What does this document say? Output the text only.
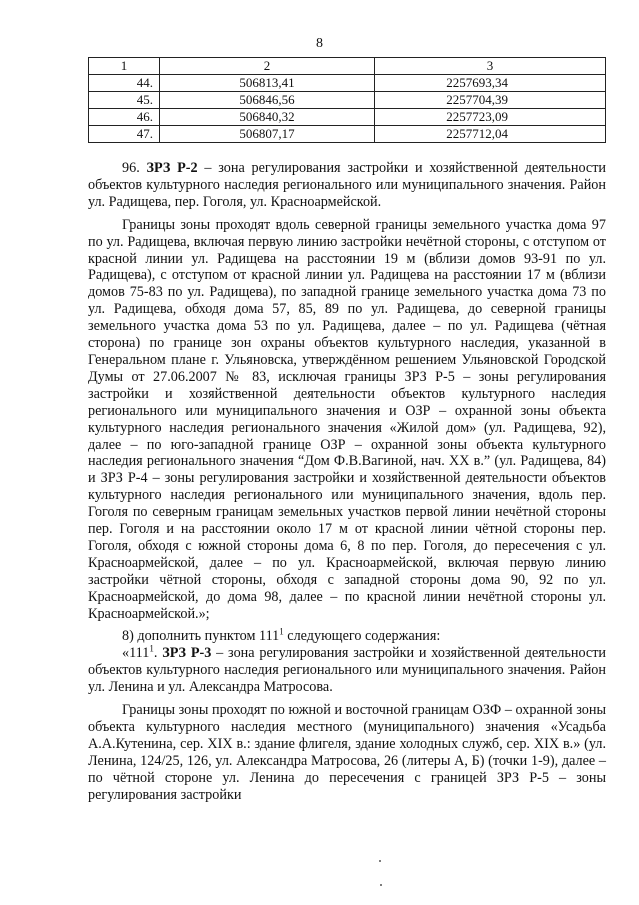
8
1	2	3
44.	506813,41	2257693,34
45.	506846,56	2257704,39
46.	506840,32	2257723,09
47.	506807,17	2257712,04

96. ЗРЗ Р-2 – зона регулирования застройки и хозяйственной деятельности объектов культурного наследия регионального или муниципального значения. Район ул. Радищева, пер. Гоголя, ул. Красноармейской.

Границы зоны проходят вдоль северной границы земельного участка дома 97 по ул. Радищева, включая первую линию застройки нечётной стороны, с отступом от красной линии ул. Радищева на расстоянии 19 м (вблизи домов 93-91 по ул. Радищева), с отступом от красной линии ул. Радищева на расстоянии 17 м (вблизи домов 75-83 по ул. Радищева), по западной границе земельного участка дома 73 по ул. Радищева, обходя дома 57, 85, 89 по ул. Радищева, до северной границы земельного участка дома 53 по ул. Радищева, далее – по ул. Радищева (чётная сторона) по границе зон охраны объектов культурного наследия, указанной в Генеральном плане г. Ульяновска, утверждённом решением Ульяновской Городской Думы от 27.06.2007 № 83, исключая границы ЗРЗ Р-5 – зоны регулирования застройки и хозяйственной деятельности объектов культурного наследия регионального или муниципального значения и ОЗР – охранной зоны объекта культурного наследия регионального значения «Жилой дом» (ул. Радищева, 92), далее – по юго-западной границе ОЗР – охранной зоны объекта культурного наследия регионального значения “Дом Ф.В.Вагиной, нач. XX в.” (ул. Радищева, 84) и ЗРЗ Р-4 – зоны регулирования застройки и хозяйственной деятельности объектов культурного наследия регионального или муниципального значения, вдоль пер. Гоголя по северным границам земельных участков первой линии нечётной стороны пер. Гоголя и на расстоянии около 17 м от красной линии чётной стороны пер. Гоголя, обходя с южной стороны дома 6, 8 по пер. Гоголя, до пересечения с ул. Красноармейской, далее – по ул. Красноармейской, включая первую линию застройки чётной стороны, обходя с западной стороны дома 90, 92 по ул. Красноармейской, до дома 98, далее – по красной линии нечётной стороны ул. Красноармейской.»;

8) дополнить пунктом $111^1$ следующего содержания:

«$111^1$. ЗРЗ Р-3 – зона регулирования застройки и хозяйственной деятельности объектов культурного наследия регионального или муниципального значения. Район ул. Ленина и ул. Александра Матросова.

Границы зоны проходят по южной и восточной границам ОЗФ – охранной зоны объекта культурного наследия местного (муниципального) значения «Усадьба А.А.Кутенина, сер. XIX в.: здание флигеля, здание холодных служб, сер. XIX в.» (ул. Ленина, 124/25, 126, ул. Александра Матросова, 26 (литеры А, Б) (точки 1-9), далее – по чётной стороне ул. Ленина до пересечения с границей ЗРЗ Р-5 – зоны регулирования застройки
